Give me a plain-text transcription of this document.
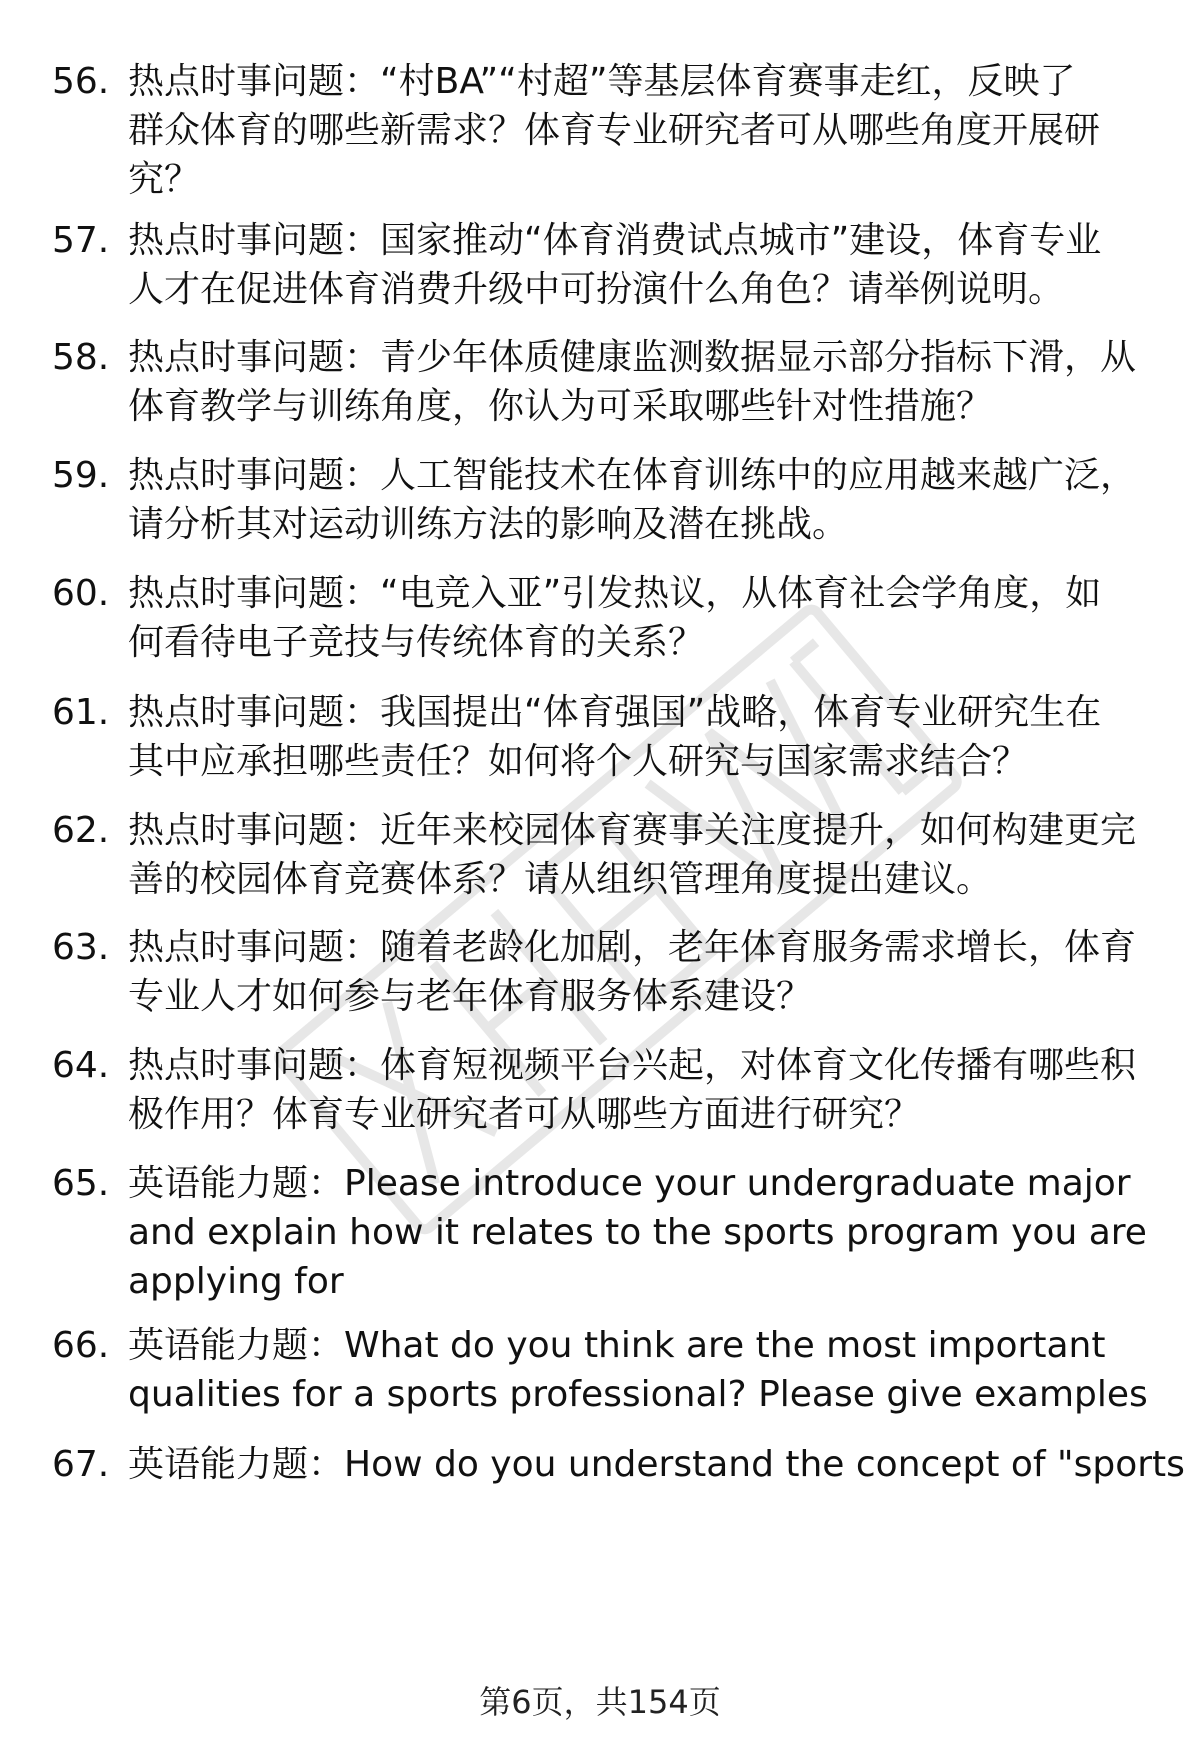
56. 热点时事问题：“村BA”“村超”等基层体育赛事走红，反映了
群众体育的哪些新需求？体育专业研究者可从哪些角度开展研
究？
57. 热点时事问题：国家推动“体育消费试点城市”建设，体育专业
人才在促进体育消费升级中可扮演什么角色？请举例说明。
58. 热点时事问题：青少年体质健康监测数据显示部分指标下滑，从
体育教学与训练角度，你认为可采取哪些针对性措施？
59. 热点时事问题：人工智能技术在体育训练中的应用越来越广泛，
请分析其对运动训练方法的影响及潜在挑战。
60. 热点时事问题：“电竞入亚”引发热议，从体育社会学角度，如
何看待电子竞技与传统体育的关系？
61. 热点时事问题：我国提出“体育强国”战略，体育专业研究生在
其中应承担哪些责任？如何将个人研究与国家需求结合？
62. 热点时事问题：近年来校园体育赛事关注度提升，如何构建更完
善的校园体育竞赛体系？请从组织管理角度提出建议。
63. 热点时事问题：随着老龄化加剧，老年体育服务需求增长，体育
专业人才如何参与老年体育服务体系建设？
64. 热点时事问题：体育短视频平台兴起，对体育文化传播有哪些积
极作用？体育专业研究者可从哪些方面进行研究？
65. 英语能力题：Please introduce your undergraduate major
and explain how it relates to the sports program you are
applying for
66. 英语能力题：What do you think are the most important
qualities for a sports professional? Please give examples
67. 英语能力题：How do you understand the concept of "sports
第6页，共154页
